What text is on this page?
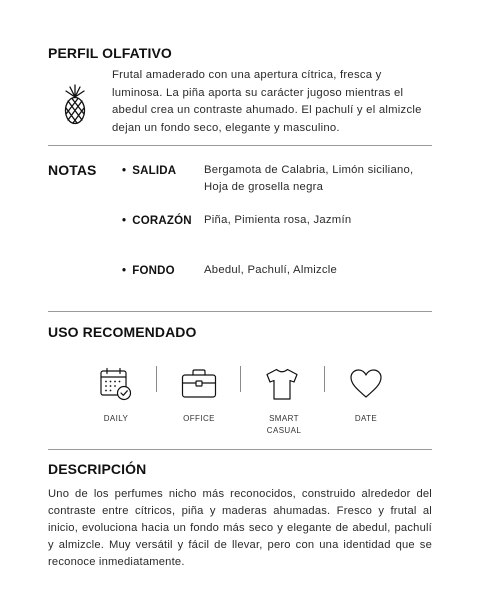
PERFIL OLFATIVO
Frutal amaderado con una apertura cítrica, fresca y luminosa. La piña aporta su carácter jugoso mientras el abedul crea un contraste ahumado. El pachulí y el almizcle dejan un fondo seco, elegante y masculino.
NOTAS
•	SALIDA Bergamota de Calabria, Limón siciliano, Hoja de grosella negra
• CORAZÓN Piña, Pimienta rosa, Jazmín
• FONDO	Abedul, Pachulí, Almizcle
USO RECOMENDADO
DAILY	OFFICE	SMART
CASUAL
DATE
DESCRIPCIÓN
Uno de los perfumes nicho más reconocidos, construido alrededor del contraste entre cítricos, piña y maderas ahumadas. Fresco y frutal al inicio, evoluciona hacia un fondo más seco y elegante de abedul, pachulí y almizcle. Muy versátil y fácil de llevar, pero con una identidad que se reconoce inmediatamente.
